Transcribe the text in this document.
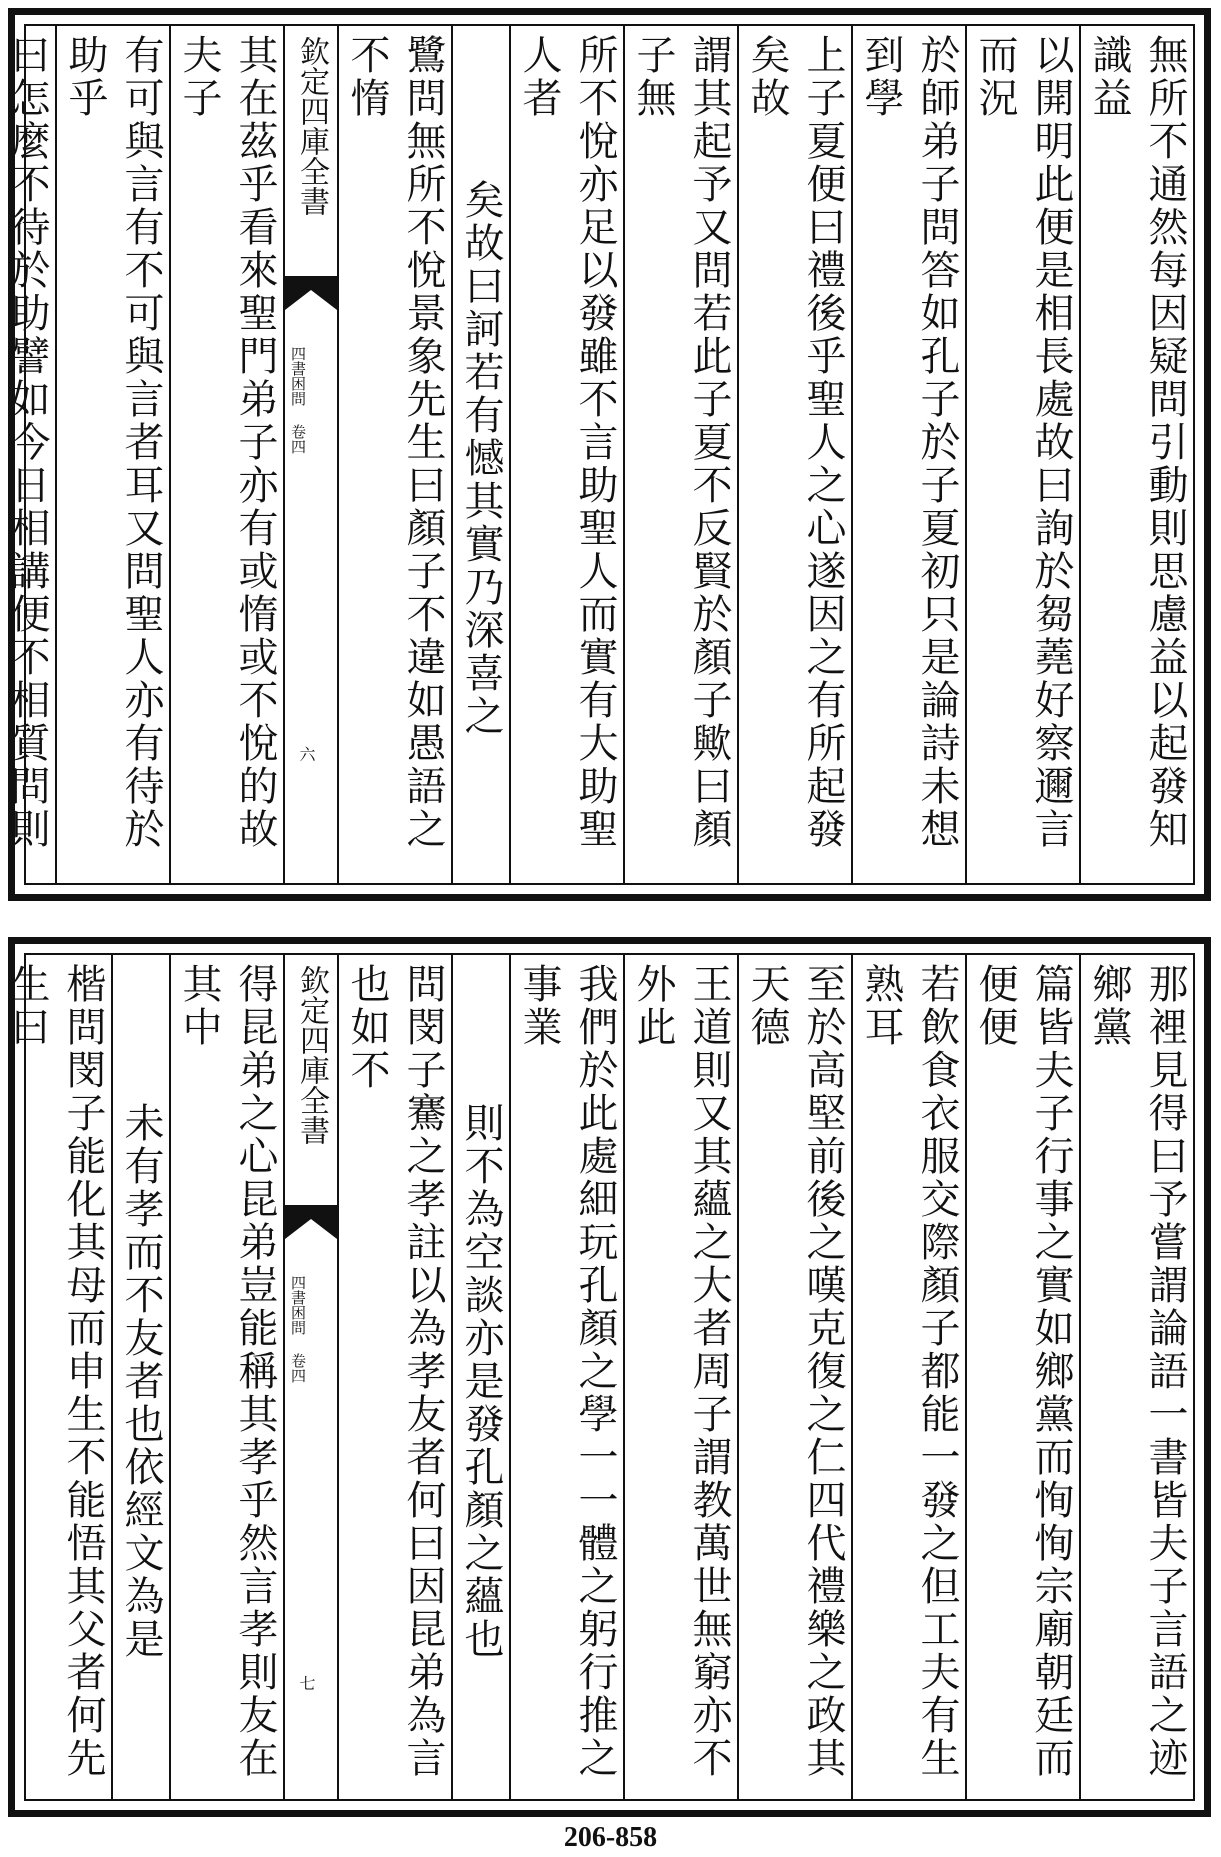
無所不通然每因疑問引動則思慮益以起發知識益
以開明此便是相長處故曰詢於芻蕘好察邇言而況
於師弟子問答如孔子於子夏初只是論詩未想到學
上子夏便曰禮後乎聖人之心遂因之有所起發矣故
謂其起予又問若此子夏不反賢於顏子歟曰顏子無
所不悅亦足以發雖不言助聖人而實有大助聖人者
矣故曰訶若有憾其實乃深喜之
鷺問無所不悅景象先生曰顏子不違如愚語之不惰
欽定四庫全書
四書困問 卷四
六
其在茲乎看來聖門弟子亦有或惰或不悅的故夫子
有可與言有不可與言者耳又問聖人亦有待於助乎
曰怎麼不待於助譬如今日相講便不相質問則
那裡見得曰予嘗謂論語一書皆夫子言語之迹鄉黨
篇皆夫子行事之實如鄉黨而恂恂宗廟朝廷而便便
若飲食衣服交際顏子都能一發之但工夫有生熟耳
至於高堅前後之嘆克復之仁四代禮樂之政其天德
王道則又其蘊之大者周子謂教萬世無窮亦不外此
我們於此處細玩孔顏之學一一體之躬行推之事業
則不為空談亦是發孔顏之蘊也
問閔子騫之孝註以為孝友者何曰因昆弟為言也如不
欽定四庫全書
四書困問 卷四
七
得昆弟之心昆弟豈能稱其孝乎然言孝則友在其中
未有孝而不友者也依經文為是
楷問閔子能化其母而申生不能悟其父者何先生曰
206-858
